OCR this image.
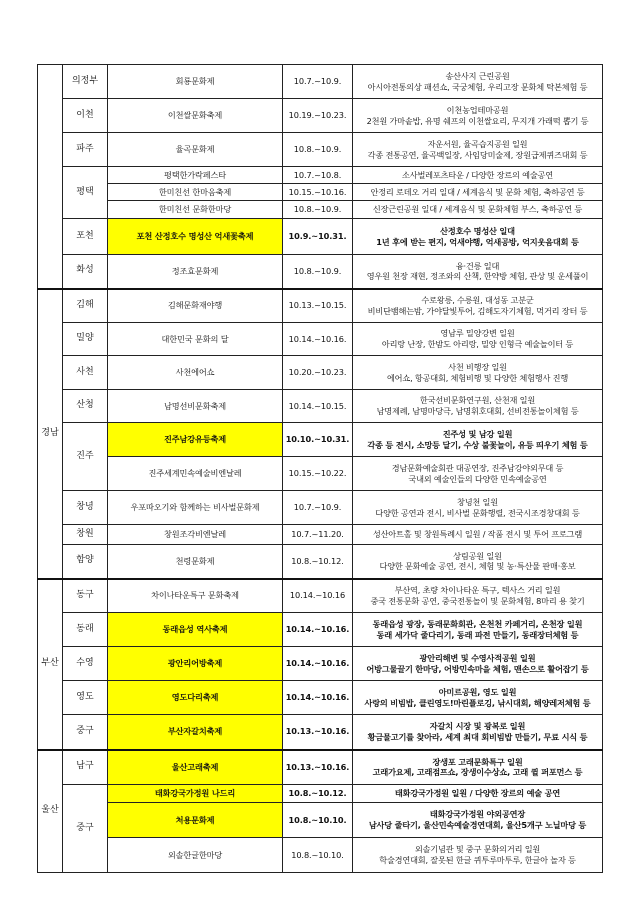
	의정부	회룡문화제	10.7.~10.9.	송산사지 근린공원
아시아전통의상 패션쇼, 국궁체험, 우리고장 문화체 탁본체험 등

	이천	이천쌀문화축제	10.19.~10.23.	이천농업테마공원
2천원 가마솥밥, 유명 쉐프의 이천쌀요리, 무지개 가래떡 뽑기 등

	파주	율곡문화제	10.8.~10.9.	자운서원, 율곡습지공원 일원
각종 전통공연, 율곡백일장, 사임당미술제, 장원급제퀴즈대회 등

	평택	평택한가락페스타	10.7.~10.8.	소사벌레포츠타운 / 다양한 장르의 예술공연

		한미친선 한마음축제	10.15.~10.16.	안정리 로데오 거리 일대 / 세계음식 및 문화 체험, 축하공연 등

		한미친선 문화한마당	10.8.~10.9.	신장근린공원 일대 / 세계음식 및 문화체험 부스, 축하공연 등

	포천	포천 산정호수 명성산 억새꽃축제	10.9.~10.31.	산정호수 명성산 일대
1년 후에 받는 편지, 억새야행, 억새공방, 억지웃음대회 등

	화성	정조효문화제	10.8.~10.9.	융·건릉 일대
영우원 천장 재현, 정조와의 산책, 한약방 체험, 관상 및 운세풀이

경남	김해	김해문화재야행	10.13.~10.15.	수로왕릉, 수릉원, 대성동 고분군
비비단뱀해는밤, 가야달빛투어, 김해도자기체험, 먹거리 장터 등

	밀양	대한민국 문화의 달	10.14.~10.16.	영남루 밀양강변 일원
아리랑 난장, 한밤도 아리랑, 밀양 인형극 예술놀이터 등

	사천	사천에어쇼	10.20.~10.23.	사천 비행장 일원
에어쇼, 항공대회, 체험비행 및 다양한 체험행사 진행

	산청	남명선비문화축제	10.14.~10.15.	한국선비문화연구원, 산천재 일원
남명제례, 남명마당극, 남명휘호대회, 선비전통놀이체험 등

	진주	진주남강유등축제	10.10.~10.31.	진주성 및 남강 일원
각종 등 전시, 소망등 달기, 수상 불꽃놀이, 유등 띄우기 체험 등

		진주세계민속예술비엔날레	10.15.~10.22.	경남문화예술회관 대공연장, 진주남강야외무대 등
국내외 예술인들의 다양한 민속예술공연

	창녕	우포따오기와 함께하는 비사벌문화제	10.7.~10.9.	창녕천 일원
다양한 공연과 전시, 비사벌 문화행렬, 전국시조경창대회 등

	창원	창원조각비엔날레	10.7.~11.20.	성산아트홀 및 창원특례시 일원 / 작품 전시 및 투어 프로그램

	함양	천령문화제	10.8.~10.12.	상림공원 일원
다양한 문화예술 공연, 전시, 체험 및 농·특산물 판매·홍보

부산	동구	차이나타운특구 문화축제	10.14.~10.16	부산역, 초량 차이나타운 특구, 텍사스 거리 일원
중국 전통문화 공연, 중국전통놀이 및 문화체험, 8마리 용 찾기

	동래	동래읍성 역사축제	10.14.~10.16.	동래읍성 광장, 동래문화회관, 온천천 카페거리, 온천장 일원
동래 세가닥 줄다리기, 동래 파전 만들기, 동래장터체험 등

	수영	광안리어방축제	10.14.~10.16.	광안리해변 및 수영사적공원 일원
어방그물끌기 한마당, 어방민속마을 체험, 맨손으로 활어잡기 등

	영도	영도다리축제	10.14.~10.16.	아미르공원, 영도 일원
사랑의 비빔밥, 클린영도!마린플로깅, 낚시대회, 해양레저체험 등

	중구	부산자갈치축제	10.13.~10.16.	자갈치 시장 및 광복로 일원
황금물고기를 찾아라, 세계 최대 회비빔밥 만들기, 무료 시식 등

울산	남구	울산고래축제	10.13.~10.16.	장생포 고래문화특구 일원
고래가요제, 고래점프쇼, 장생이수상쇼, 고래 퀼 퍼포먼스 등

	중구	태화강국가정원 나드리	10.8.~10.12.	태화강국가정원 일원 / 다양한 장르의 예술 공연

		처용문화제	10.8.~10.10.	태화강국가정원 야외공연장
남사당 줄타기, 울산민속예술경연대회, 울산5개구 노닐마당 등

		외솔한글한마당	10.8.~10.10.	외솔기념관 및 중구 문화의거리 일원
학술경연대회, 잘못된 한글 퀴투루마투루, 한글아 놀자 등
